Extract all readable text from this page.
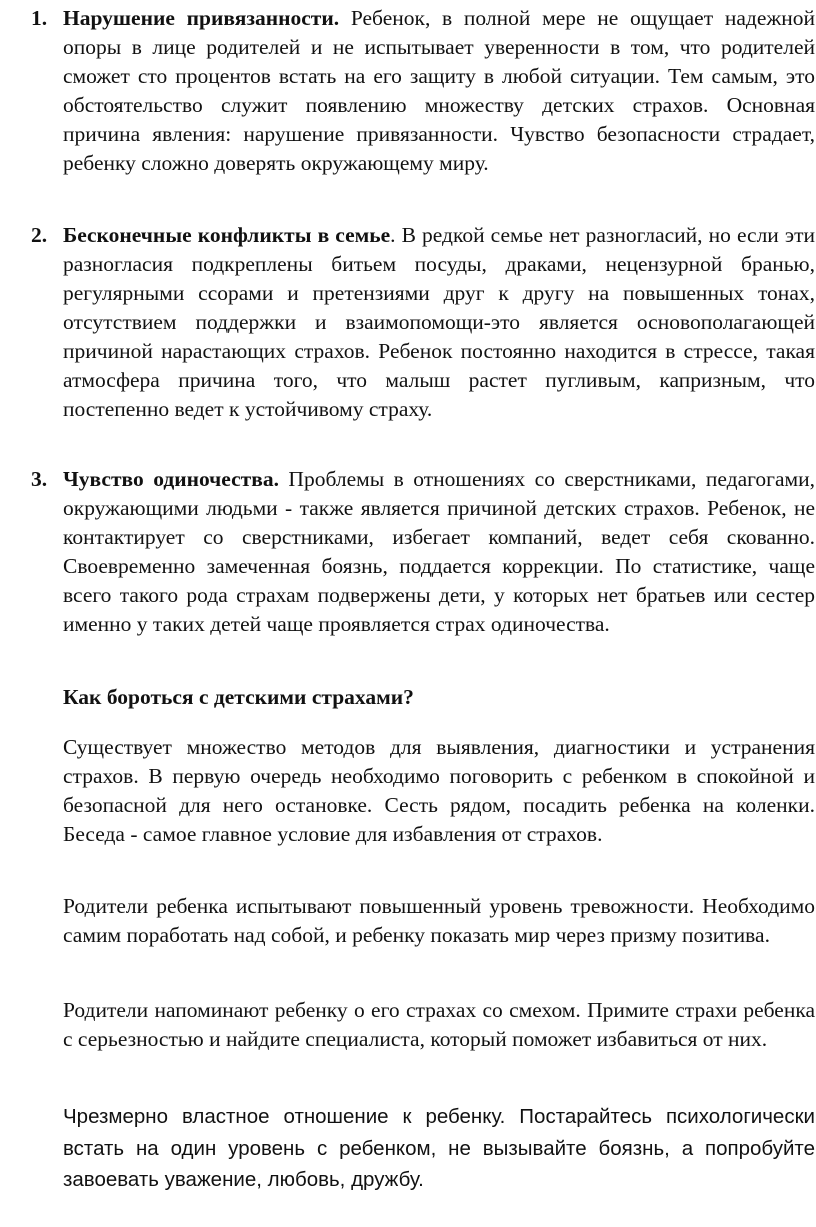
1. Нарушение привязанности. Ребенок, в полной мере не ощущает надежной опоры в лице родителей и не испытывает уверенности в том, что родителей сможет сто процентов встать на его защиту в любой ситуации. Тем самым, это обстоятельство служит появлению множеству детских страхов. Основная причина явления: нарушение привязанности. Чувство безопасности страдает, ребенку сложно доверять окружающему миру.
2. Бесконечные конфликты в семье. В редкой семье нет разногласий, но если эти разногласия подкреплены битьем посуды, драками, нецензурной бранью, регулярными ссорами и претензиями друг к другу на повышенных тонах, отсутствием поддержки и взаимопомощи-это является основополагающей причиной нарастающих страхов. Ребенок постоянно находится в стрессе, такая атмосфера причина того, что малыш растет пугливым, капризным, что постепенно ведет к устойчивому страху.
3. Чувство одиночества. Проблемы в отношениях со сверстниками, педагогами, окружающими людьми - также является причиной детских страхов. Ребенок, не контактирует со сверстниками, избегает компаний, ведет себя скованно. Своевременно замеченная боязнь, поддается коррекции. По статистике, чаще всего такого рода страхам подвержены дети, у которых нет братьев или сестер именно у таких детей чаще проявляется страх одиночества.
Как бороться с детскими страхами?

Существует множество методов для выявления, диагностики и устранения страхов. В первую очередь необходимо поговорить с ребенком в спокойной и безопасной для него остановке. Сесть рядом, посадить ребенка на коленки. Беседа - самое главное условие для избавления от страхов.

Родители ребенка испытывают повышенный уровень тревожности. Необходимо самим поработать над собой, и ребенку показать мир через призму позитива.

Родители напоминают ребенку о его страхах со смехом. Примите страхи ребенка с серьезностью и найдите специалиста, который поможет избавиться от них.

Чрезмерно властное отношение к ребенку. Постарайтесь психологически встать на один уровень с ребенком, не вызывайте боязнь, а попробуйте завоевать уважение, любовь, дружбу.
